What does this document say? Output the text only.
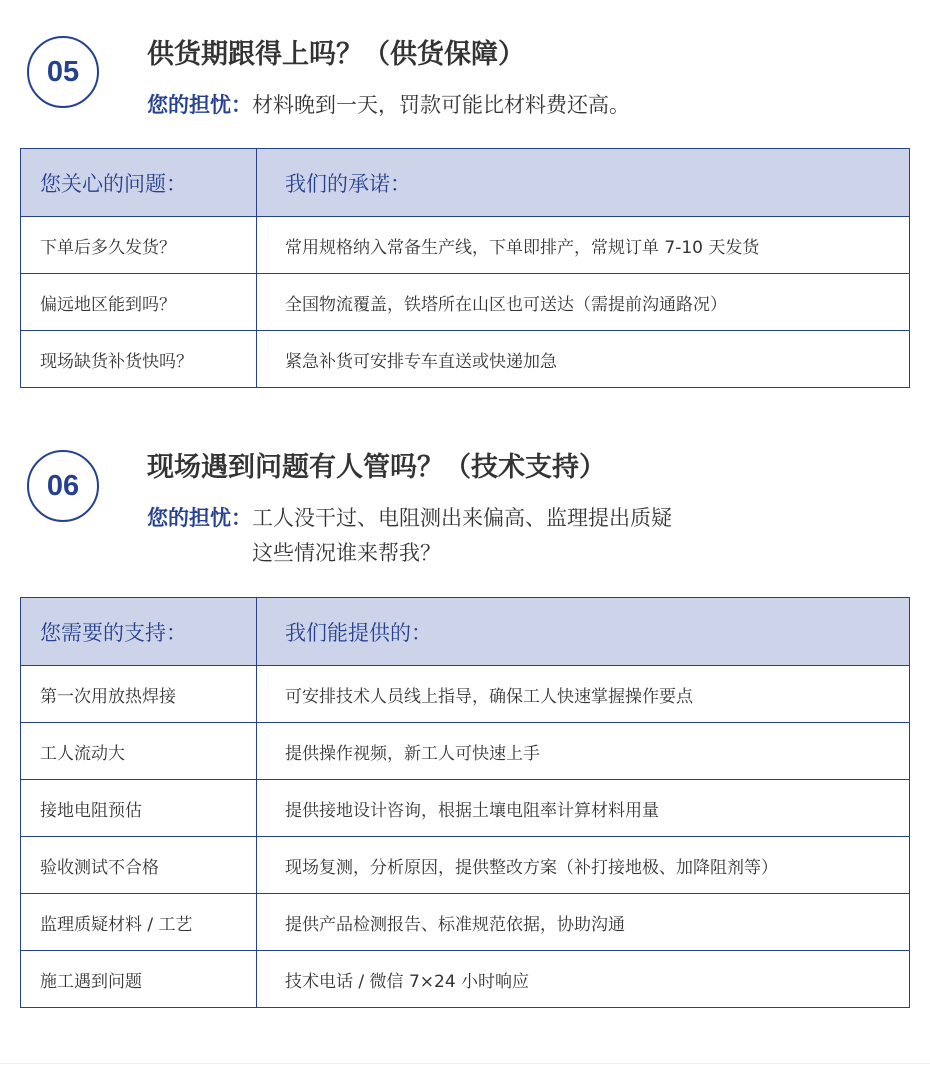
05
供货期跟得上吗？（供货保障）
您的担忧： 材料晚到一天，罚款可能比材料费还高。
您关心的问题：	我们的承诺：
下单后多久发货？	常用规格纳入常备生产线，下单即排产，常规订单 7-10 天发货
偏远地区能到吗？	全国物流覆盖，铁塔所在山区也可送达（需提前沟通路况）
现场缺货补货快吗？	紧急补货可安排专车直送或快递加急
06
现场遇到问题有人管吗？（技术支持）
您的担忧： 工人没干过、电阻测出来偏高、监理提出质疑
这些情况谁来帮我？
您需要的支持：	我们能提供的：
第一次用放热焊接	可安排技术人员线上指导，确保工人快速掌握操作要点
工人流动大	提供操作视频，新工人可快速上手
接地电阻预估	提供接地设计咨询，根据土壤电阻率计算材料用量
验收测试不合格	现场复测，分析原因，提供整改方案（补打接地极、加降阻剂等）
监理质疑材料 / 工艺	提供产品检测报告、标准规范依据，协助沟通
施工遇到问题	技术电话 / 微信 7×24 小时响应
